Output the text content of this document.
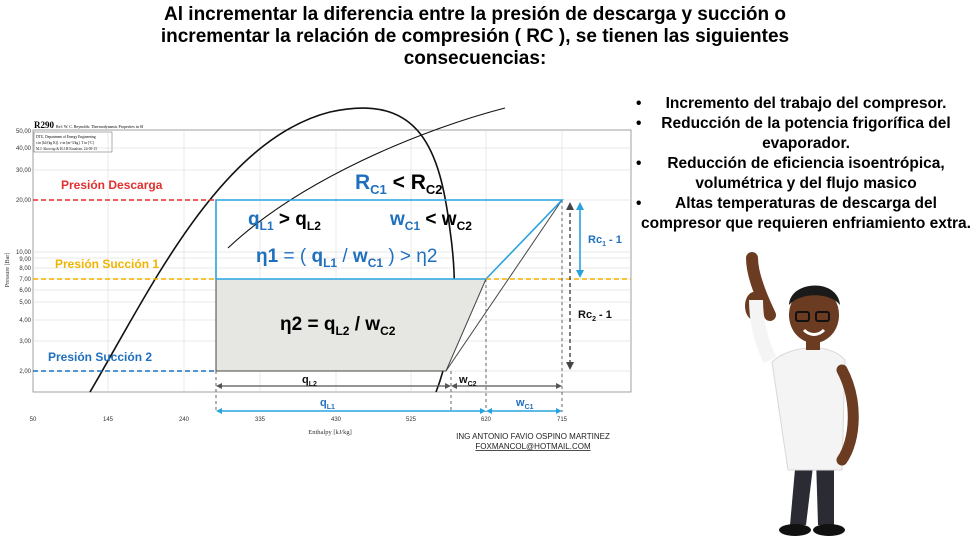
Al incrementar la diferencia entre la presión de descarga y succión o
incrementar la relación de compresión ( RC ), se tienen las siguientes
consecuencias:
R290 Ref: W. C. Reynolds: Thermodynamic Properties in SI
DTU, Department of Energy Engineering
s in [kJ/(kg K)]. v in [m^3/kg]. T in [ºC]
M.J. Skovrup & H.J.H Knudsen. 24-09-15
50,00
40,00
30,00
20,00
10,00
9,00
8,00
7,00
6,00
5,00
4,00
3,00
2,00
Pressure [Bar]
50	145	240	335	430	525	620	715
Enthalpy [kJ/kg]
Presión Descarga
Presión Succión 1
Presión Succión 2
$R_{C1} < R_{C2}$
$q_{L1} > q_{L2}$	$w_{C1} < w_{C2}$
η1 = ( $q_{L1} / w_{C1}$ ) > η2
$\eta 2 = q_{L2} / w_{C2}$
$Rc_1 - 1$
$Rc_2 - 1$
$q_{L2}$	$w_{C2}$
$q_{L1}$	$w_{C1}$
ING ANTONIO FAVIO OSPINO MARTINEZ
FOXMANCOL@HOTMAIL.COM
• Incremento del trabajo del compresor.
• Reducción de la potencia frigorífica del evaporador.
• Reducción de eficiencia isoentrópica, volumétrica y del flujo masico
• Altas temperaturas de descarga del compresor que requieren enfriamiento extra.
